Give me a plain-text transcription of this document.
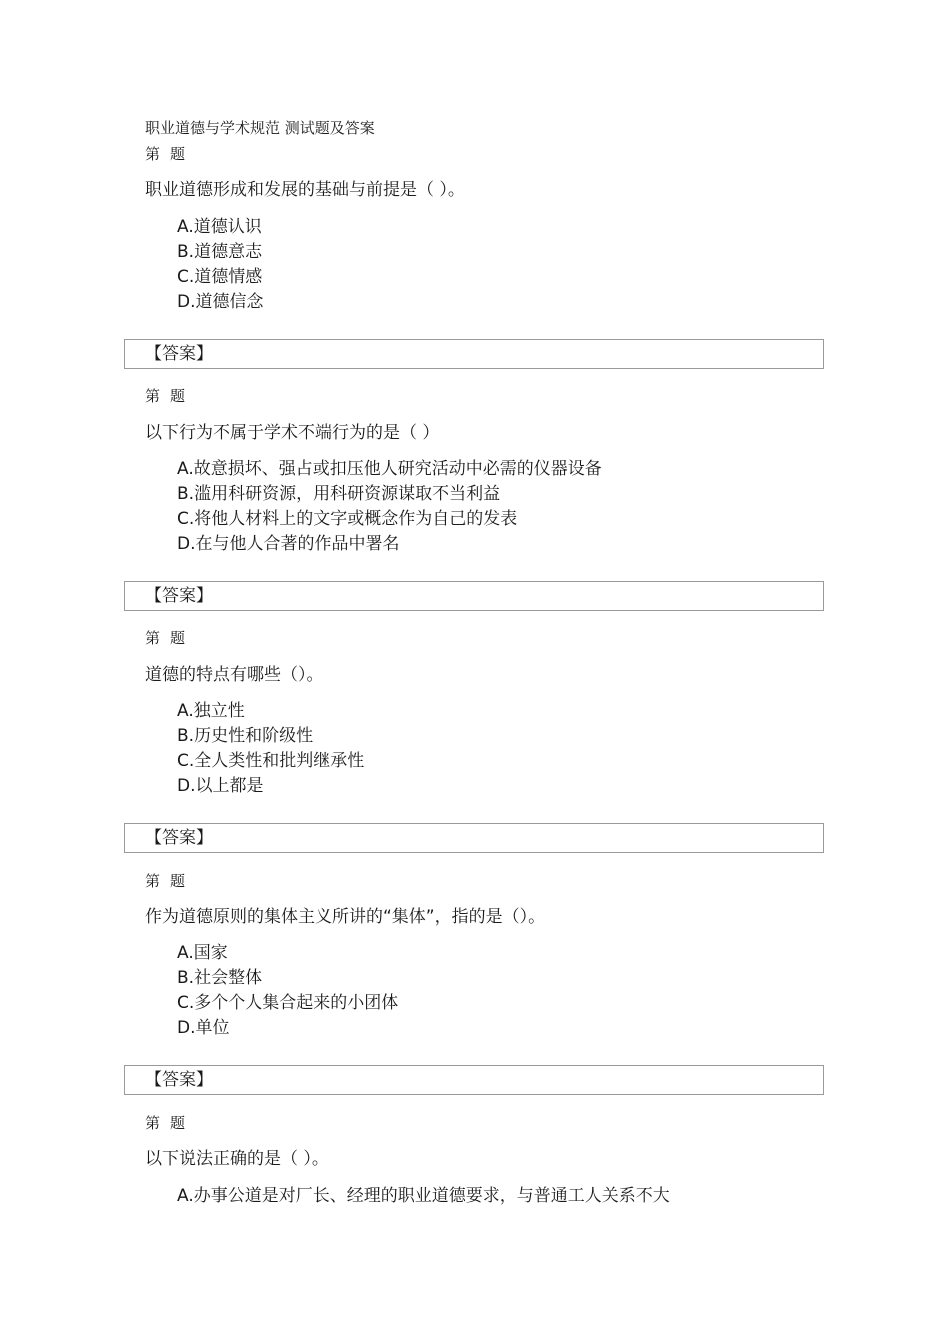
职业道德与学术规范 测试题及答案
第 题
职业道德形成和发展的基础与前提是（ ）。
A.道德认识
B.道德意志
C.道德情感
D.道德信念
【答案】
第 题
以下行为不属于学术不端行为的是（ ）
A.故意损坏、强占或扣压他人研究活动中必需的仪器设备
B.滥用科研资源，用科研资源谋取不当利益
C.将他人材料上的文字或概念作为自己的发表
D.在与他人合著的作品中署名
【答案】
第 题
道德的特点有哪些（）。
A.独立性
B.历史性和阶级性
C.全人类性和批判继承性
D.以上都是
【答案】
第 题
作为道德原则的集体主义所讲的“集体”，指的是（）。
A.国家
B.社会整体
C.多个个人集合起来的小团体
D.单位
【答案】
第 题
以下说法正确的是（ ）。
A.办事公道是对厂长、经理的职业道德要求，与普通工人关系不大
